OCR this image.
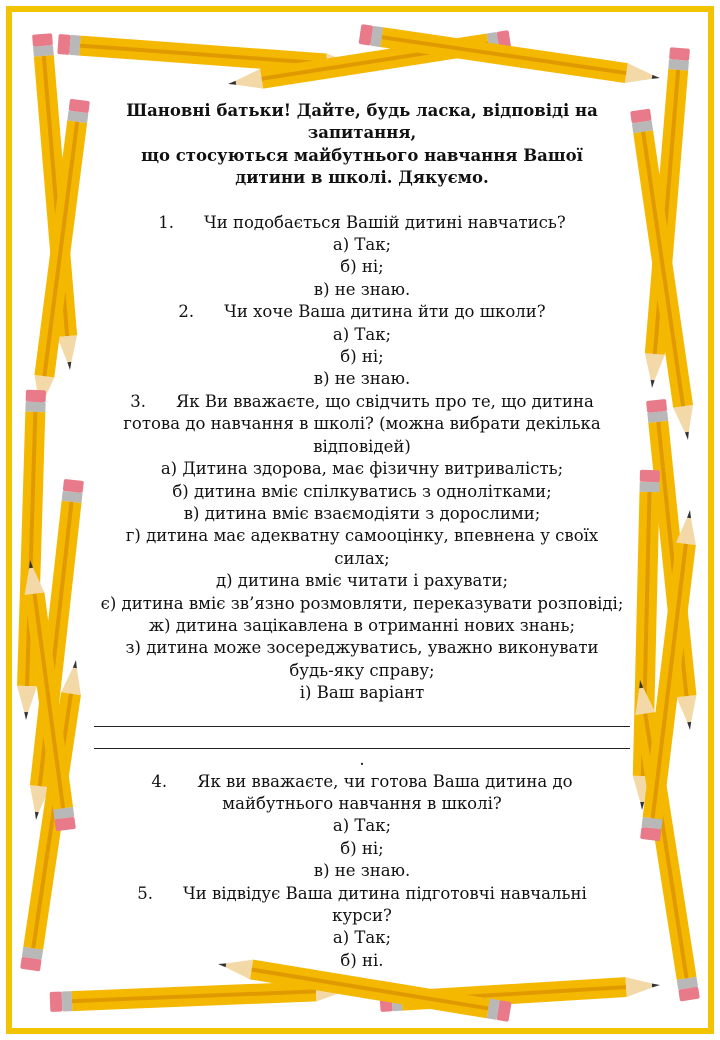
Шановні батьки! Дайте, будь ласка, відповіді на
запитання,
що стосуються майбутнього навчання Вашої
дитини в школі. Дякуємо.
1. Чи подобається Вашій дитині навчатись?
а) Так;
б) ні;
в) не знаю.
2. Чи хоче Ваша дитина йти до школи?
а) Так;
б) ні;
в) не знаю.
3. Як Ви вважаєте, що свідчить про те, що дитина
готова до навчання в школі? (можна вибрати декілька
відповідей)
а) Дитина здорова, має фізичну витривалість;
б) дитина вміє спілкуватись з однолітками;
в) дитина вміє взаємодіяти з дорослими;
г) дитина має адекватну самооцінку, впевнена у своїх
силах;
д) дитина вміє читати і рахувати;
є) дитина вміє зв’язно розмовляти, переказувати розповіді;
ж) дитина зацікавлена в отриманні нових знань;
з) дитина може зосереджуватись, уважно виконувати
будь-яку справу;
і) Ваш варіант
.
4. Як ви вважаєте, чи готова Ваша дитина до
майбутнього навчання в школі?
а) Так;
б) ні;
в) не знаю.
5. Чи відвідує Ваша дитина підготовчі навчальні
курси?
а) Так;
б) ні.
